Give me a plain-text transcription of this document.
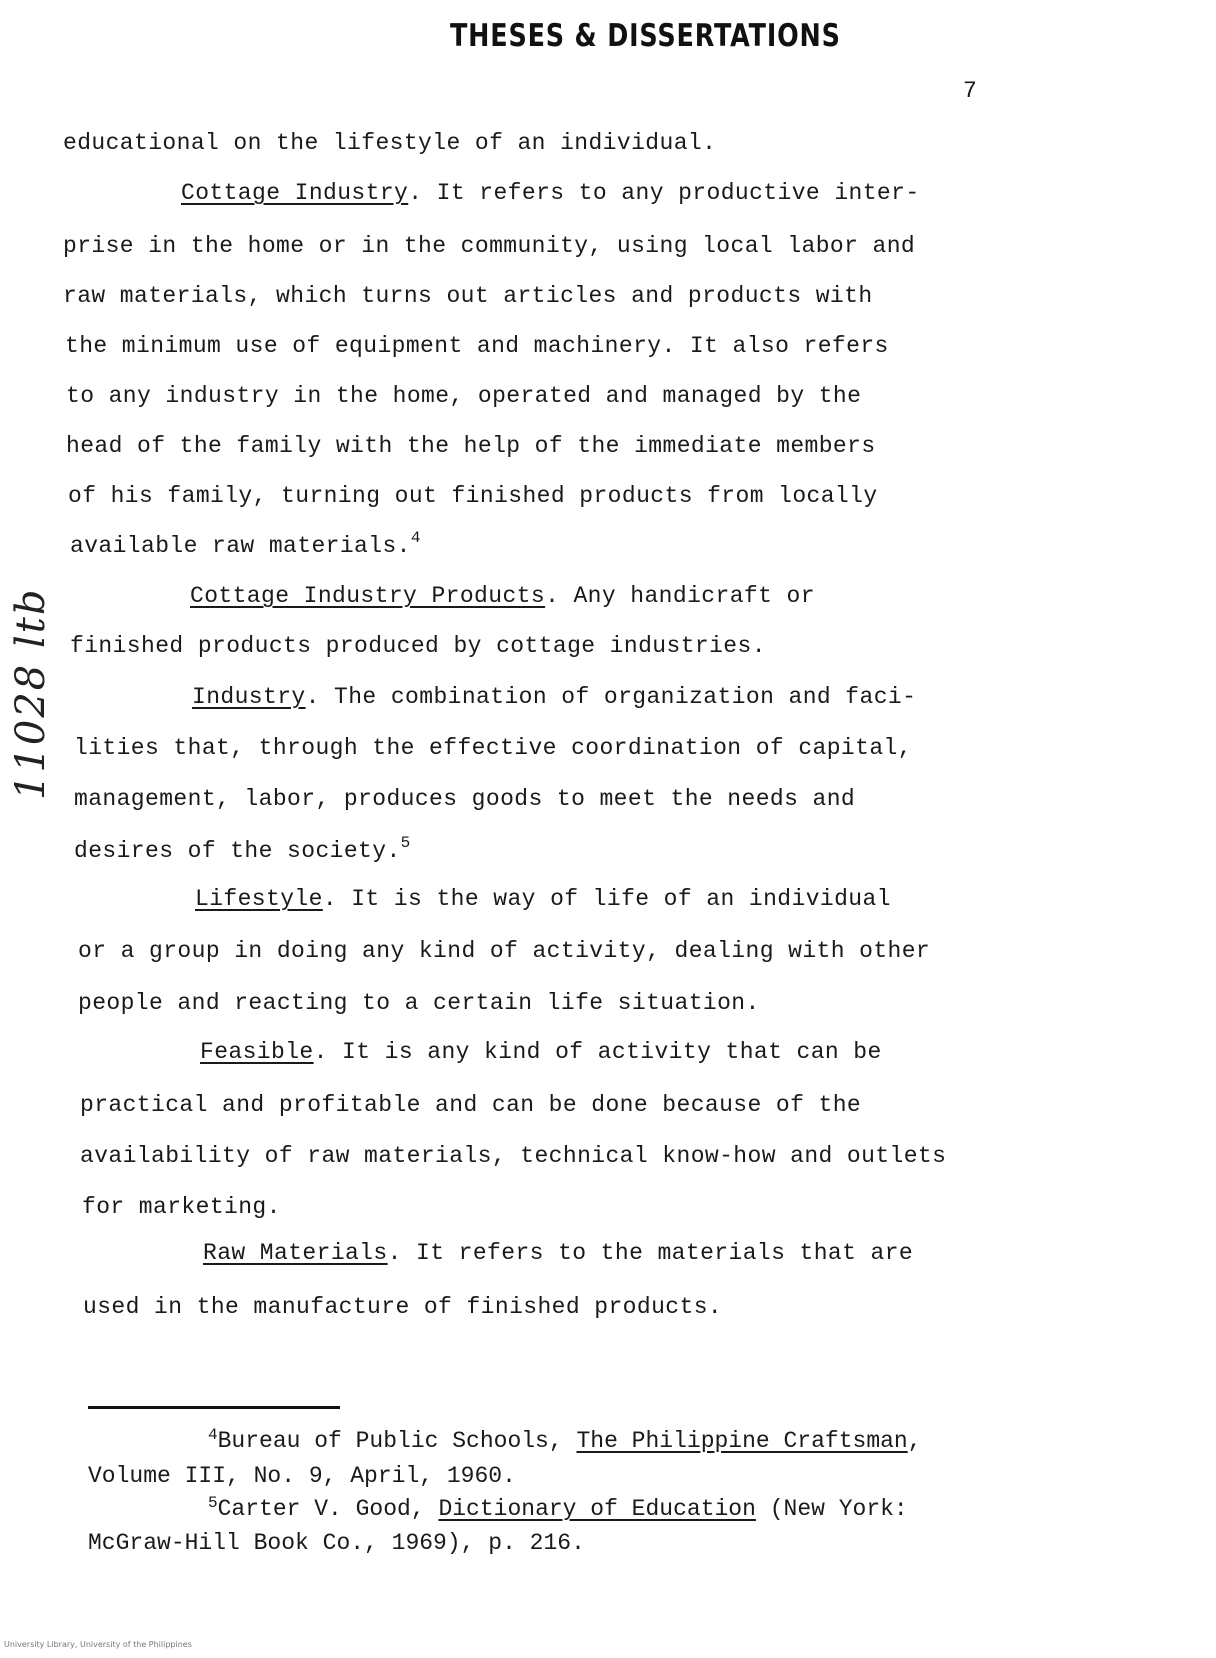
THESES & DISSERTATIONS
7
11028 ltb
educational on the lifestyle of an individual.
Cottage Industry. It refers to any productive inter-
prise in the home or in the community, using local labor and
raw materials, which turns out articles and products with
the minimum use of equipment and machinery. It also refers
to any industry in the home, operated and managed by the
head of the family with the help of the immediate members
of his family, turning out finished products from locally
available raw materials.$^4$
Cottage Industry Products. Any handicraft or
finished products produced by cottage industries.
Industry. The combination of organization and faci-
lities that, through the effective coordination of capital,
management, labor, produces goods to meet the needs and
desires of the society.$^5$
Lifestyle. It is the way of life of an individual
or a group in doing any kind of activity, dealing with other
people and reacting to a certain life situation.
Feasible. It is any kind of activity that can be
practical and profitable and can be done because of the
availability of raw materials, technical know-how and outlets
for marketing.
Raw Materials. It refers to the materials that are
used in the manufacture of finished products.
$^4$Bureau of Public Schools, The Philippine Craftsman,
Volume III, No. 9, April, 1960.
$^5$Carter V. Good, Dictionary of Education (New York:
McGraw-Hill Book Co., 1969), p. 216.
University Library, University of the Philippines
